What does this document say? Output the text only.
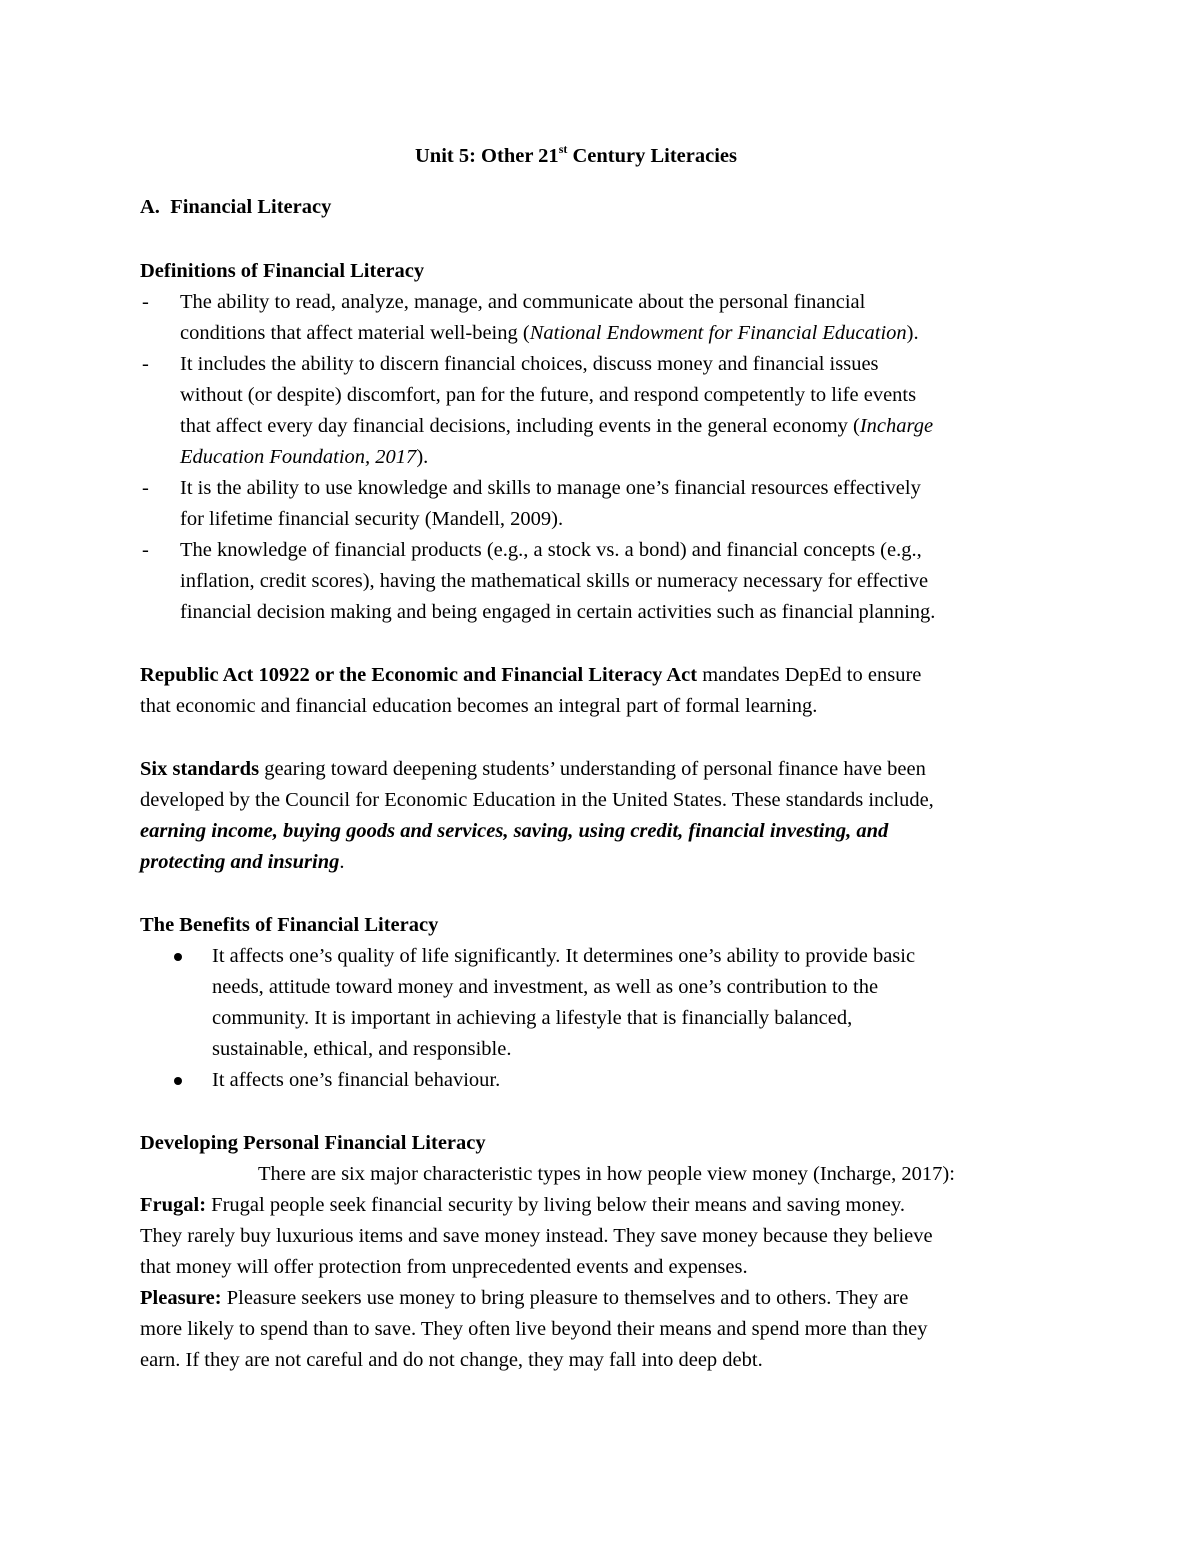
Unit 5: Other 21st Century Literacies
A. Financial Literacy
Definitions of Financial Literacy
- The ability to read, analyze, manage, and communicate about the personal financial
conditions that affect material well-being (National Endowment for Financial Education).
- It includes the ability to discern financial choices, discuss money and financial issues
without (or despite) discomfort, pan for the future, and respond competently to life events
that affect every day financial decisions, including events in the general economy (Incharge
Education Foundation, 2017).
- It is the ability to use knowledge and skills to manage one’s financial resources effectively
for lifetime financial security (Mandell, 2009).
- The knowledge of financial products (e.g., a stock vs. a bond) and financial concepts (e.g.,
inflation, credit scores), having the mathematical skills or numeracy necessary for effective
financial decision making and being engaged in certain activities such as financial planning.
Republic Act 10922 or the Economic and Financial Literacy Act mandates DepEd to ensure
that economic and financial education becomes an integral part of formal learning.
Six standards gearing toward deepening students’ understanding of personal finance have been
developed by the Council for Economic Education in the United States. These standards include,
earning income, buying goods and services, saving, using credit, financial investing, and
protecting and insuring.
The Benefits of Financial Literacy
It affects one’s quality of life significantly. It determines one’s ability to provide basic
needs, attitude toward money and investment, as well as one’s contribution to the
community. It is important in achieving a lifestyle that is financially balanced,
sustainable, ethical, and responsible.
It affects one’s financial behaviour.
Developing Personal Financial Literacy
There are six major characteristic types in how people view money (Incharge, 2017):
Frugal: Frugal people seek financial security by living below their means and saving money.
They rarely buy luxurious items and save money instead. They save money because they believe
that money will offer protection from unprecedented events and expenses.
Pleasure: Pleasure seekers use money to bring pleasure to themselves and to others. They are
more likely to spend than to save. They often live beyond their means and spend more than they
earn. If they are not careful and do not change, they may fall into deep debt.
